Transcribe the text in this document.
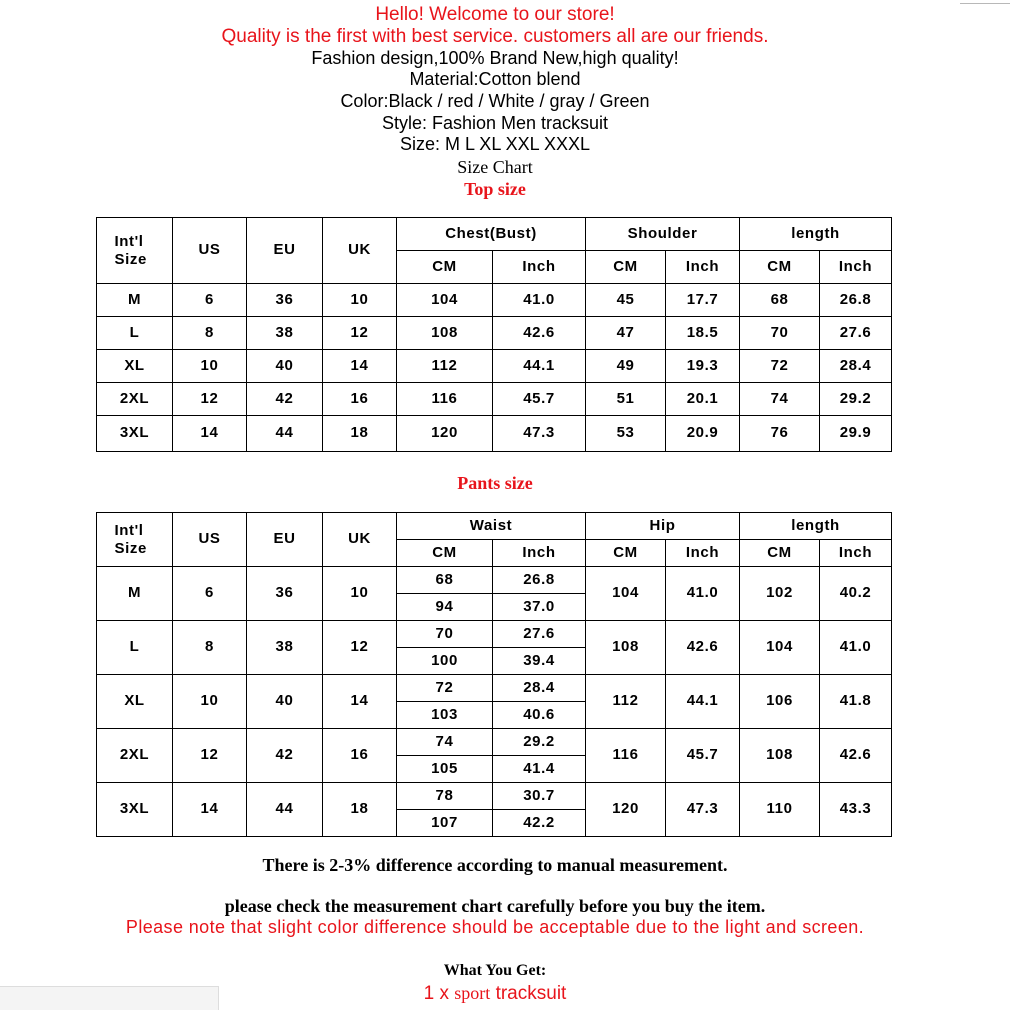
Hello! Welcome to our store!
Quality is the first with best service. customers all are our friends.
Fashion design,100% Brand New,high quality!
Material:Cotton blend
Color:Black / red / White / gray / Green
Style: Fashion Men tracksuit
Size: M L XL XXL XXXL
Size Chart
Top size
Int'l Size	US	EU	UK	Chest(Bust)		Shoulder		length	
				CM	Inch	CM	Inch	CM	Inch
M	6	36	10	104	41.0	45	17.7	68	26.8
L	8	38	12	108	42.6	47	18.5	70	27.6
XL	10	40	14	112	44.1	49	19.3	72	28.4
2XL	12	42	16	116	45.7	51	20.1	74	29.2
3XL	14	44	18	120	47.3	53	20.9	76	29.9
Pants size
Int'l Size	US	EU	UK	Waist		Hip		length	
				CM	Inch	CM	Inch	CM	Inch
M	6	36	10	68	26.8	104	41.0	102	40.2
				94	37.0				
L	8	38	12	70	27.6	108	42.6	104	41.0
				100	39.4				
XL	10	40	14	72	28.4	112	44.1	106	41.8
				103	40.6				
2XL	12	42	16	74	29.2	116	45.7	108	42.6
				105	41.4				
3XL	14	44	18	78	30.7	120	47.3	110	43.3
				107	42.2				
There is 2-3% difference according to manual measurement.
please check the measurement chart carefully before you buy the item.
Please note that slight color difference should be acceptable due to the light and screen.
What You Get:
1 x sport tracksuit
